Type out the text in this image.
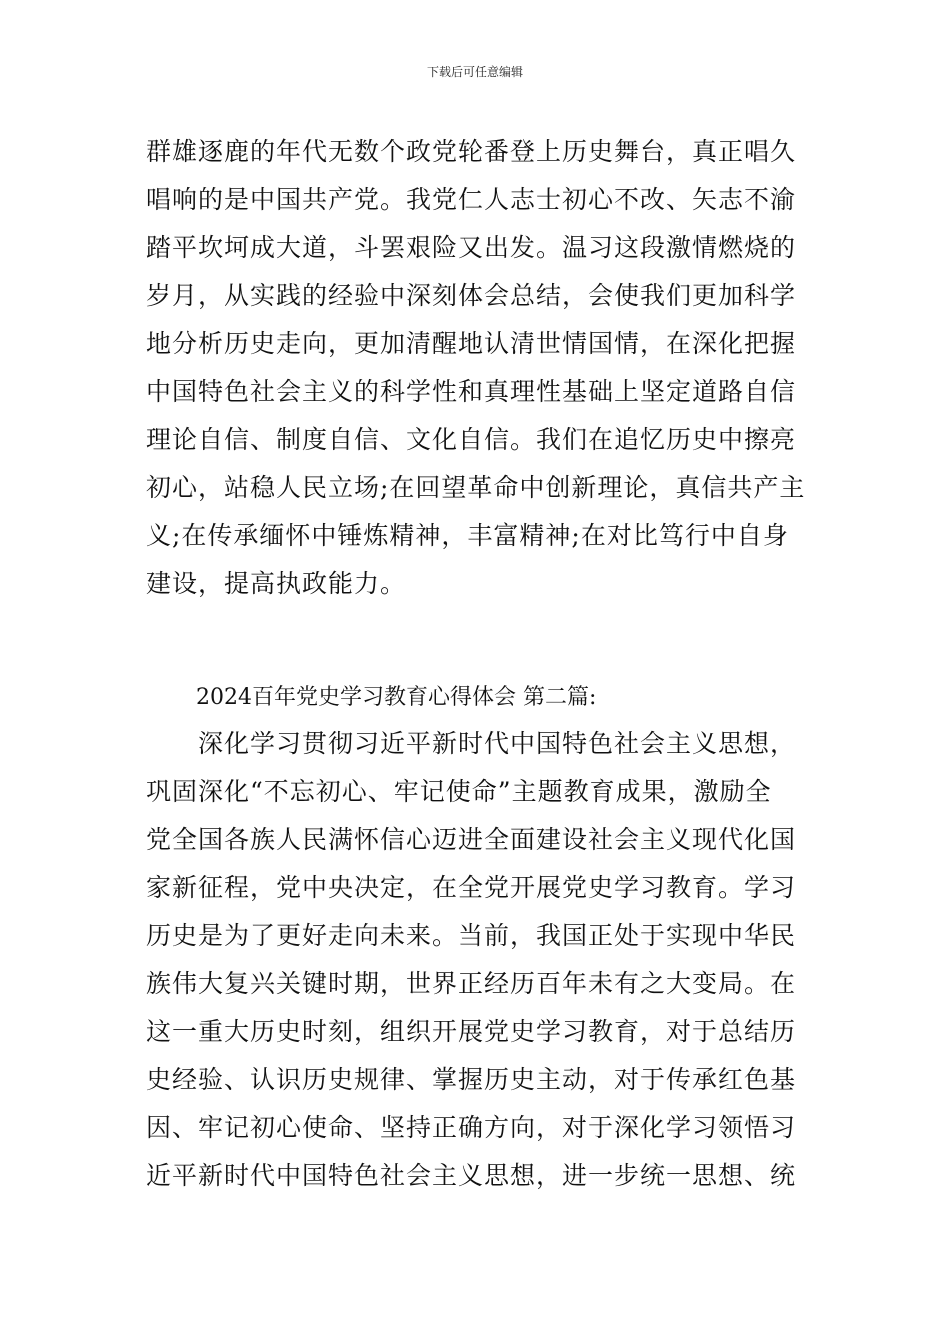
下载后可任意编辑
群雄逐鹿的年代无数个政党轮番登上历史舞台，真正唱久
唱响的是中国共产党。我党仁人志士初心不改、矢志不渝
踏平坎坷成大道，斗罢艰险又出发。温习这段激情燃烧的
岁月，从实践的经验中深刻体会总结，会使我们更加科学
地分析历史走向，更加清醒地认清世情国情，在深化把握
中国特色社会主义的科学性和真理性基础上坚定道路自信
理论自信、制度自信、文化自信。我们在追忆历史中擦亮
初心，站稳人民立场;在回望革命中创新理论，真信共产主
义;在传承缅怀中锤炼精神，丰富精神;在对比笃行中自身
建设，提高执政能力。
2024百年党史学习教育心得体会 第二篇:
深化学习贯彻习近平新时代中国特色社会主义思想，
巩固深化“不忘初心、牢记使命”主题教育成果，激励全
党全国各族人民满怀信心迈进全面建设社会主义现代化国
家新征程，党中央决定，在全党开展党史学习教育。学习
历史是为了更好走向未来。当前，我国正处于实现中华民
族伟大复兴关键时期，世界正经历百年未有之大变局。在
这一重大历史时刻，组织开展党史学习教育，对于总结历
史经验、认识历史规律、掌握历史主动，对于传承红色基
因、牢记初心使命、坚持正确方向，对于深化学习领悟习
近平新时代中国特色社会主义思想，进一步统一思想、统
